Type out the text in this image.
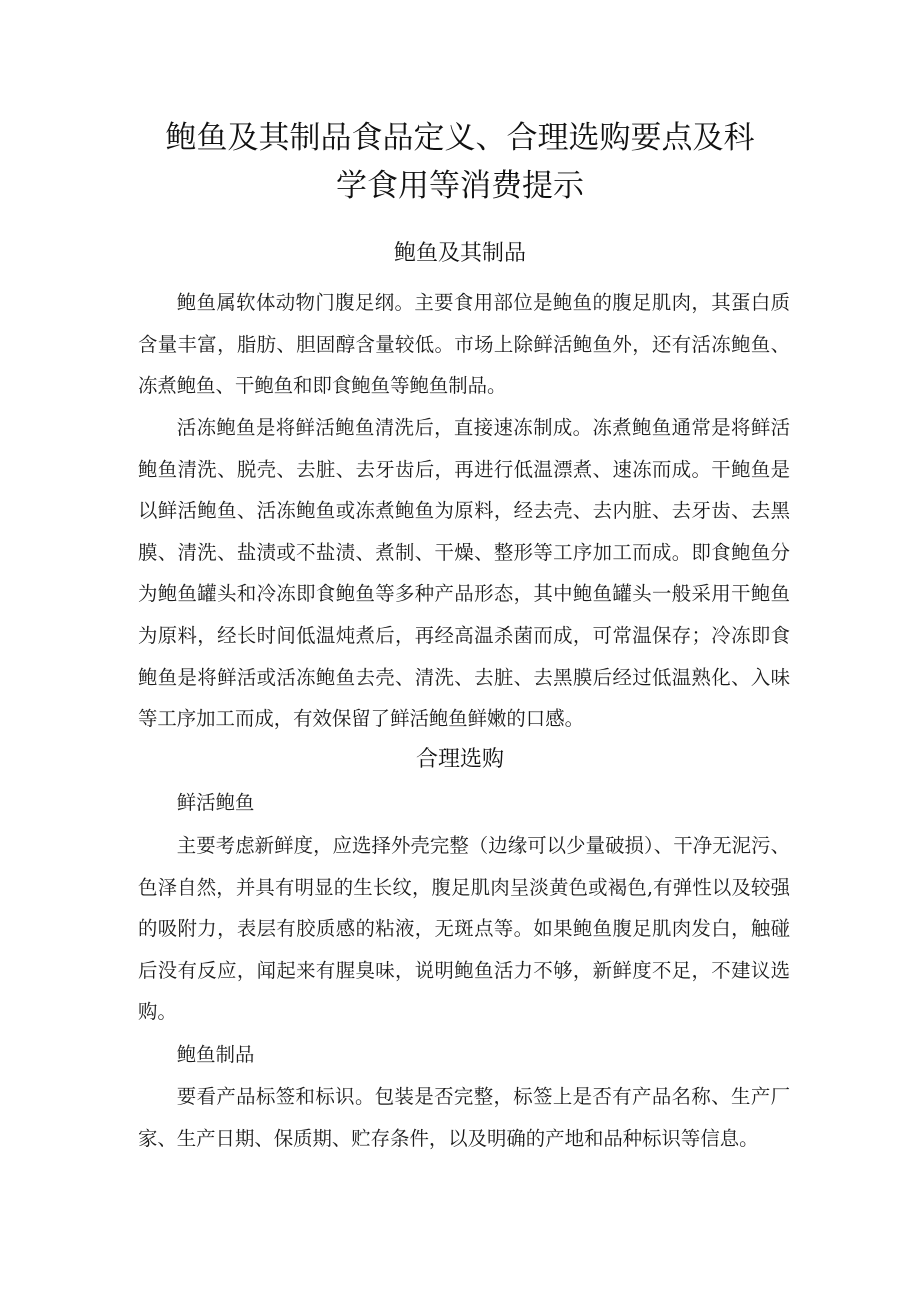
鲍鱼及其制品食品定义、合理选购要点及科
学食用等消费提示
鲍鱼及其制品

鲍鱼属软体动物门腹足纲。主要食用部位是鲍鱼的腹足肌肉，其蛋白质含量丰富，脂肪、胆固醇含量较低。市场上除鲜活鲍鱼外，还有活冻鲍鱼、冻煮鲍鱼、干鲍鱼和即食鲍鱼等鲍鱼制品。

活冻鲍鱼是将鲜活鲍鱼清洗后，直接速冻制成。冻煮鲍鱼通常是将鲜活鲍鱼清洗、脱壳、去脏、去牙齿后，再进行低温漂煮、速冻而成。干鲍鱼是以鲜活鲍鱼、活冻鲍鱼或冻煮鲍鱼为原料，经去壳、去内脏、去牙齿、去黑膜、清洗、盐渍或不盐渍、煮制、干燥、整形等工序加工而成。即食鲍鱼分为鲍鱼罐头和冷冻即食鲍鱼等多种产品形态，其中鲍鱼罐头一般采用干鲍鱼为原料，经长时间低温炖煮后，再经高温杀菌而成，可常温保存；冷冻即食鲍鱼是将鲜活或活冻鲍鱼去壳、清洗、去脏、去黑膜后经过低温熟化、入味等工序加工而成，有效保留了鲜活鲍鱼鲜嫩的口感。

合理选购

鲜活鲍鱼

主要考虑新鲜度，应选择外壳完整（边缘可以少量破损）、干净无泥污、色泽自然，并具有明显的生长纹，腹足肌肉呈淡黄色或褐色,有弹性以及较强的吸附力，表层有胶质感的粘液，无斑点等。如果鲍鱼腹足肌肉发白，触碰后没有反应，闻起来有腥臭味，说明鲍鱼活力不够，新鲜度不足，不建议选购。

鲍鱼制品

要看产品标签和标识。包装是否完整，标签上是否有产品名称、生产厂家、生产日期、保质期、贮存条件，以及明确的产地和品种标识等信息。
